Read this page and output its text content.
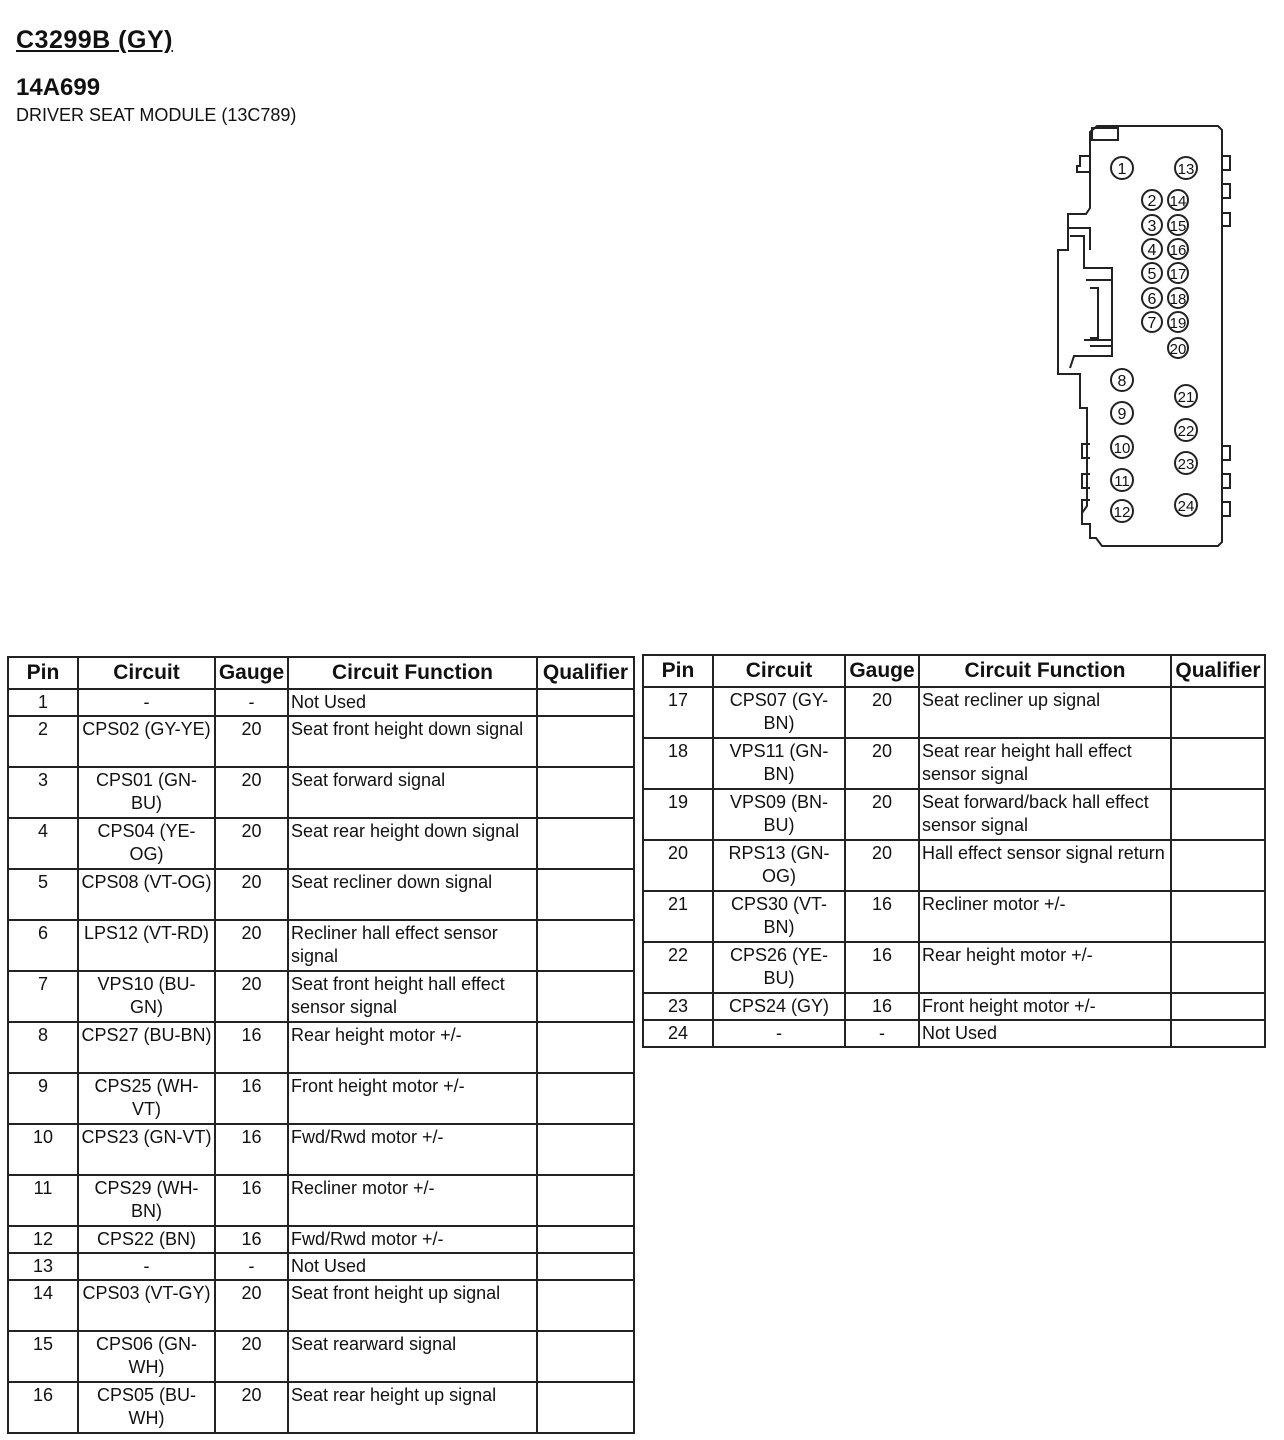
C3299B (GY)
14A699
DRIVER SEAT MODULE (13C789)
1
2
3
4
5
6
7
8
9
10
11
12
13
14
15
16
17
18
19
20
21
22
23
24
Pin	Circuit	Gauge	Circuit Function	Qualifier
1	-	-	Not Used	
2	CPS02 (GY-YE)	20	Seat front height down signal	
3	CPS01 (GN-BU)	20	Seat forward signal	
4	CPS04 (YE-OG)	20	Seat rear height down signal	
5	CPS08 (VT-OG)	20	Seat recliner down signal	
6	LPS12 (VT-RD)	20	Recliner hall effect sensor signal	
7	VPS10 (BU-GN)	20	Seat front height hall effect sensor signal	
8	CPS27 (BU-BN)	16	Rear height motor +/-	
9	CPS25 (WH-VT)	16	Front height motor +/-	
10	CPS23 (GN-VT)	16	Fwd/Rwd motor +/-	
11	CPS29 (WH-BN)	16	Recliner motor +/-	
12	CPS22 (BN)	16	Fwd/Rwd motor +/-	
13	-	-	Not Used	
14	CPS03 (VT-GY)	20	Seat front height up signal	
15	CPS06 (GN-WH)	20	Seat rearward signal	
16	CPS05 (BU-WH)	20	Seat rear height up signal	
Pin	Circuit	Gauge	Circuit Function	Qualifier
17	CPS07 (GY-BN)	20	Seat recliner up signal	
18	VPS11 (GN-BN)	20	Seat rear height hall effect sensor signal	
19	VPS09 (BN-BU)	20	Seat forward/back hall effect sensor signal	
20	RPS13 (GN-OG)	20	Hall effect sensor signal return	
21	CPS30 (VT-BN)	16	Recliner motor +/-	
22	CPS26 (YE-BU)	16	Rear height motor +/-	
23	CPS24 (GY)	16	Front height motor +/-	
24	-	-	Not Used	
